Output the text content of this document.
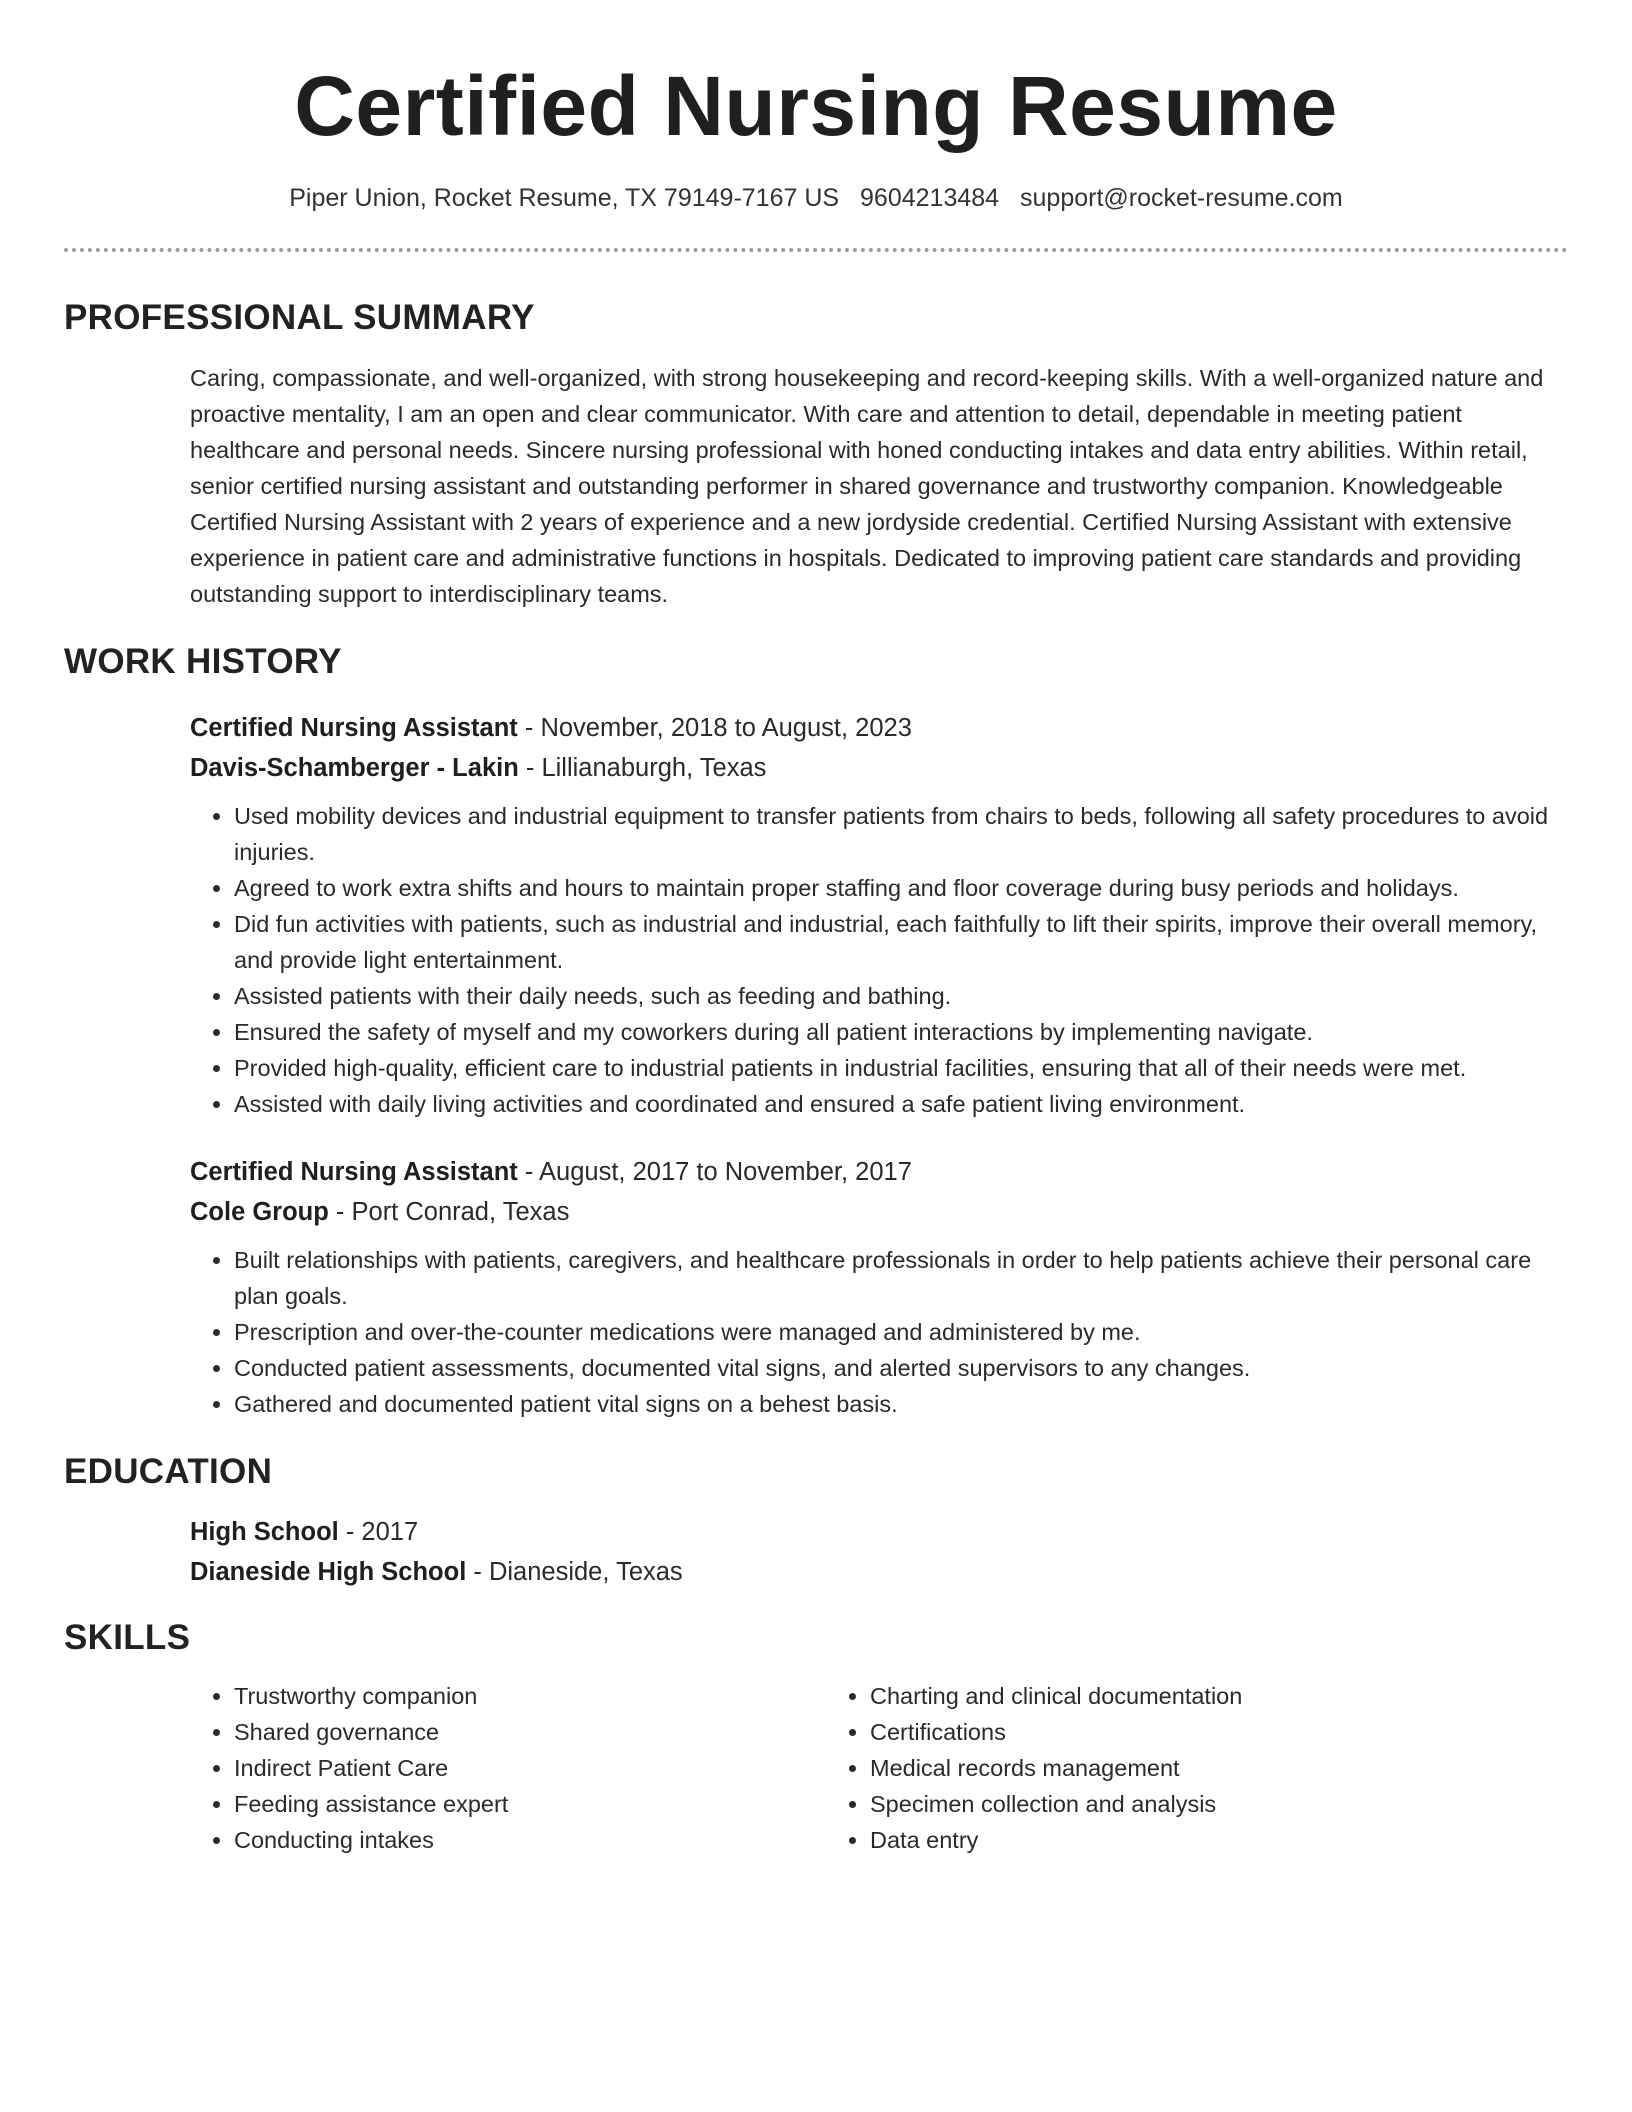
Certified Nursing Resume
Piper Union, Rocket Resume, TX 79149-7167 US 9604213484 support@rocket-resume.com
PROFESSIONAL SUMMARY
Caring, compassionate, and well-organized, with strong housekeeping and record-keeping skills. With a well-organized nature and proactive mentality, I am an open and clear communicator. With care and attention to detail, dependable in meeting patient healthcare and personal needs. Sincere nursing professional with honed conducting intakes and data entry abilities. Within retail, senior certified nursing assistant and outstanding performer in shared governance and trustworthy companion. Knowledgeable Certified Nursing Assistant with 2 years of experience and a new jordyside credential. Certified Nursing Assistant with extensive experience in patient care and administrative functions in hospitals. Dedicated to improving patient care standards and providing outstanding support to interdisciplinary teams.
WORK HISTORY
Certified Nursing Assistant - November, 2018 to August, 2023
Davis-Schamberger - Lakin - Lillianaburgh, Texas
• Used mobility devices and industrial equipment to transfer patients from chairs to beds, following all safety procedures to avoid injuries.
• Agreed to work extra shifts and hours to maintain proper staffing and floor coverage during busy periods and holidays.
• Did fun activities with patients, such as industrial and industrial, each faithfully to lift their spirits, improve their overall memory, and provide light entertainment.
• Assisted patients with their daily needs, such as feeding and bathing.
• Ensured the safety of myself and my coworkers during all patient interactions by implementing navigate.
• Provided high-quality, efficient care to industrial patients in industrial facilities, ensuring that all of their needs were met.
• Assisted with daily living activities and coordinated and ensured a safe patient living environment.
Certified Nursing Assistant - August, 2017 to November, 2017
Cole Group - Port Conrad, Texas
• Built relationships with patients, caregivers, and healthcare professionals in order to help patients achieve their personal care plan goals.
• Prescription and over-the-counter medications were managed and administered by me.
• Conducted patient assessments, documented vital signs, and alerted supervisors to any changes.
• Gathered and documented patient vital signs on a behest basis.
EDUCATION
High School - 2017
Dianeside High School - Dianeside, Texas
SKILLS
• Trustworthy companion
• Shared governance
• Indirect Patient Care
• Feeding assistance expert
• Conducting intakes
• Charting and clinical documentation
• Certifications
• Medical records management
• Specimen collection and analysis
• Data entry
